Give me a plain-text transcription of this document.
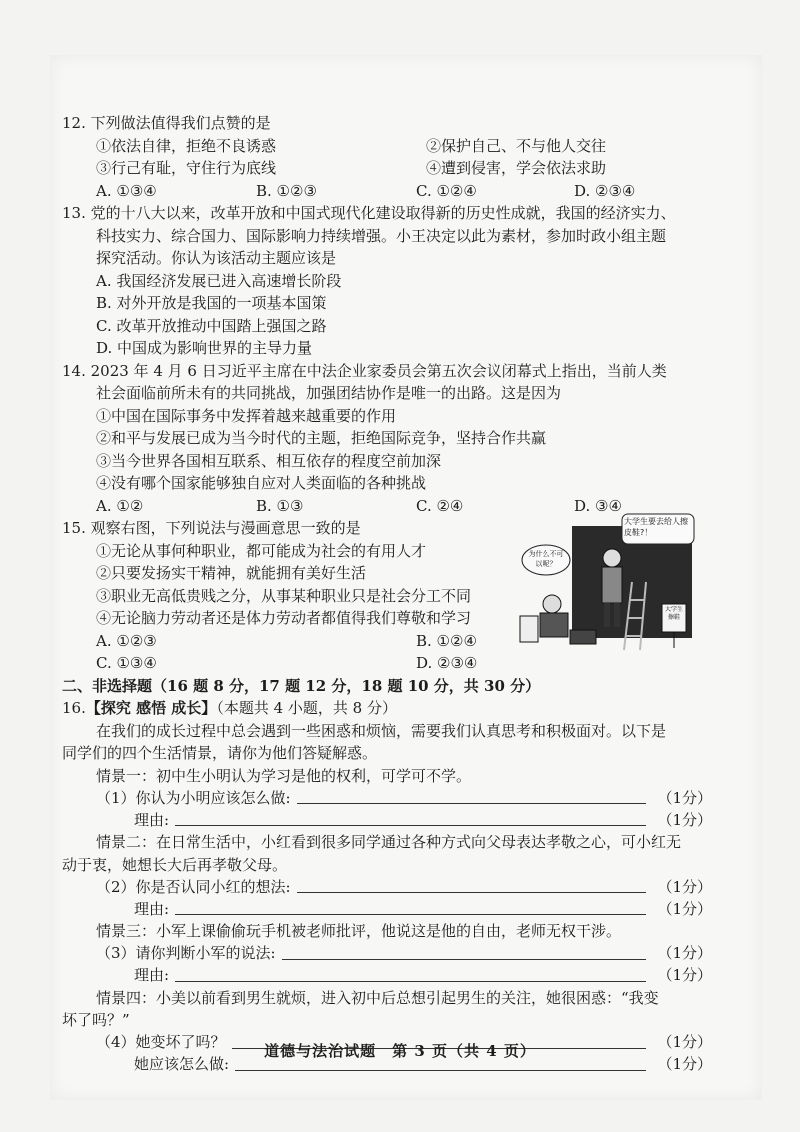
12. 下列做法值得我们点赞的是
①依法自律，拒绝不良诱惑	②保护自己、不与他人交往
③行己有耻，守住行为底线	④遭到侵害，学会依法求助
A. ①③④	B. ①②③	C. ①②④	D. ②③④
13. 党的十八大以来，改革开放和中国式现代化建设取得新的历史性成就，我国的经济实力、
科技实力、综合国力、国际影响力持续增强。小王决定以此为素材，参加时政小组主题
探究活动。你认为该活动主题应该是
A. 我国经济发展已进入高速增长阶段
B. 对外开放是我国的一项基本国策
C. 改革开放推动中国踏上强国之路
D. 中国成为影响世界的主导力量
14. 2023 年 4 月 6 日习近平主席在中法企业家委员会第五次会议闭幕式上指出，当前人类
社会面临前所未有的共同挑战，加强团结协作是唯一的出路。这是因为
①中国在国际事务中发挥着越来越重要的作用
②和平与发展已成为当今时代的主题，拒绝国际竞争，坚持合作共赢
③当今世界各国相互联系、相互依存的程度空前加深
④没有哪个国家能够独自应对人类面临的各种挑战
A. ①②	B. ①③	C. ②④	D. ③④
15. 观察右图，下列说法与漫画意思一致的是
①无论从事何种职业，都可能成为社会的有用人才
②只要发扬实干精神，就能拥有美好生活
③职业无高低贵贱之分，从事某种职业只是社会分工不同
④无论脑力劳动者还是体力劳动者都值得我们尊敬和学习
A. ①②③	B. ①②④
C. ①③④	D. ②③④
二、非选择题（16 题 8 分，17 题 12 分，18 题 10 分，共 30 分）
16.【探究 感悟 成长】（本题共 4 小题，共 8 分）
在我们的成长过程中总会遇到一些困惑和烦恼，需要我们认真思考和积极面对。以下是
同学们的四个生活情景，请你为他们答疑解惑。
情景一：初中生小明认为学习是他的权利，可学可不学。
（1）你认为小明应该怎么做:	（1分）
理由:	（1分）
情景二：在日常生活中，小红看到很多同学通过各种方式向父母表达孝敬之心，可小红无
动于衷，她想长大后再孝敬父母。
（2）你是否认同小红的想法:	（1分）
理由:	（1分）
情景三：小军上课偷偷玩手机被老师批评，他说这是他的自由，老师无权干涉。
（3）请你判断小军的说法:	（1分）
理由:	（1分）
情景四：小美以前看到男生就烦，进入初中后总想引起男生的关注，她很困惑：“我变
坏了吗？”
（4）她变坏了吗？	（1分）
她应该怎么做:	（1分）
大学生要去给人擦皮鞋?！
为什么不可以呢？
大学生擦鞋
道德与法治试题　第 3 页（共 4 页）
